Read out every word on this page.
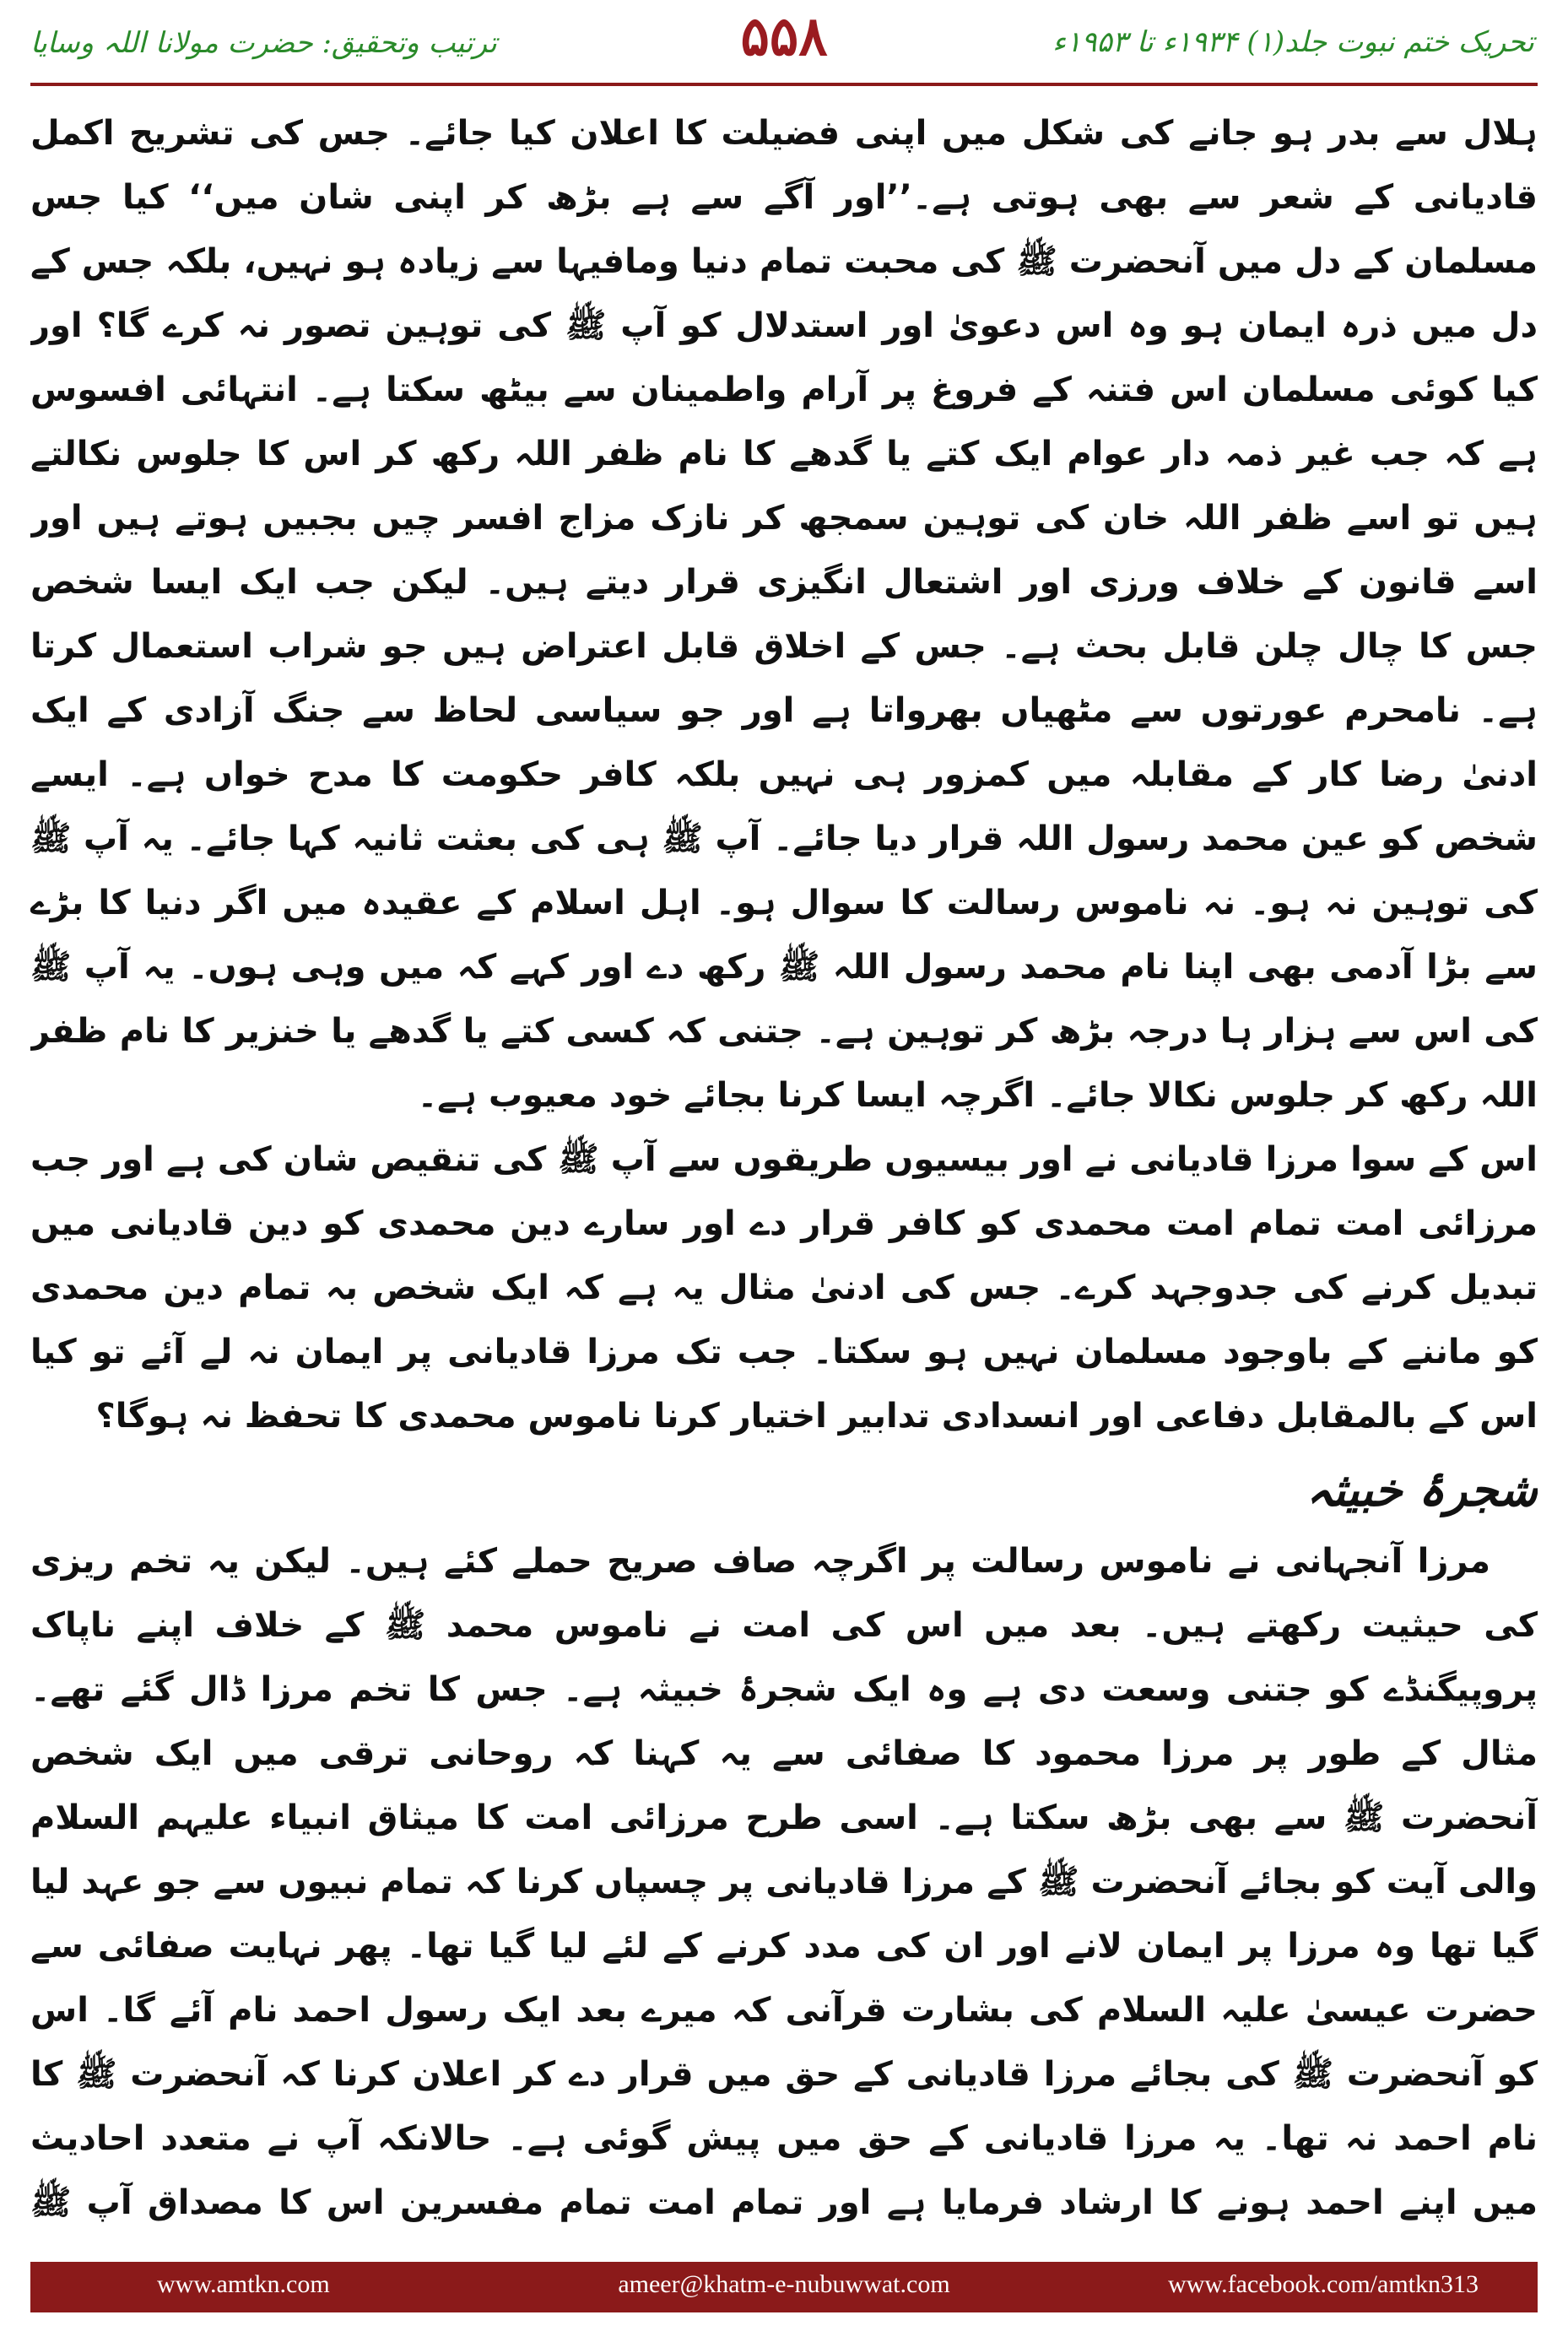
تحریک ختم نبوت جلد(۱) ۱۹۳۴ء تا ۱۹۵۳ء
۵۵۸
ترتیب وتحقیق: حضرت مولانا اللہ وسایا

ہلال سے بدر ہو جانے کی شکل میں اپنی فضیلت کا اعلان کیا جائے۔ جس کی تشریح اکمل قادیانی کے شعر سے بھی ہوتی ہے۔’’اور آگے سے ہے بڑھ کر اپنی شان میں‘‘ کیا جس مسلمان کے دل میں آنحضرت ﷺ کی محبت تمام دنیا ومافیہا سے زیادہ ہو نہیں، بلکہ جس کے دل میں ذرہ ایمان ہو وہ اس دعویٰ اور استدلال کو آپ ﷺ کی توہین تصور نہ کرے گا؟ اور کیا کوئی مسلمان اس فتنہ کے فروغ پر آرام واطمینان سے بیٹھ سکتا ہے۔ انتہائی افسوس ہے کہ جب غیر ذمہ دار عوام ایک کتے یا گدھے کا نام ظفر اللہ رکھ کر اس کا جلوس نکالتے ہیں تو اسے ظفر اللہ خان کی توہین سمجھ کر نازک مزاج افسر چیں بجبیں ہوتے ہیں اور اسے قانون کے خلاف ورزی اور اشتعال انگیزی قرار دیتے ہیں۔ لیکن جب ایک ایسا شخص جس کا چال چلن قابل بحث ہے۔ جس کے اخلاق قابل اعتراض ہیں جو شراب استعمال کرتا ہے۔ نامحرم عورتوں سے مٹھیاں بھرواتا ہے اور جو سیاسی لحاظ سے جنگ آزادی کے ایک ادنیٰ رضا کار کے مقابلہ میں کمزور ہی نہیں بلکہ کافر حکومت کا مدح خواں ہے۔ ایسے شخص کو عین محمد رسول اللہ قرار دیا جائے۔ آپ ﷺ ہی کی بعثت ثانیہ کہا جائے۔ یہ آپ ﷺ کی توہین نہ ہو۔ نہ ناموس رسالت کا سوال ہو۔ اہل اسلام کے عقیدہ میں اگر دنیا کا بڑے سے بڑا آدمی بھی اپنا نام محمد رسول اللہ ﷺ رکھ دے اور کہے کہ میں وہی ہوں۔ یہ آپ ﷺ کی اس سے ہزار ہا درجہ بڑھ کر توہین ہے۔ جتنی کہ کسی کتے یا گدھے یا خنزیر کا نام ظفر اللہ رکھ کر جلوس نکالا جائے۔ اگرچہ ایسا کرنا بجائے خود معیوب ہے۔

اس کے سوا مرزا قادیانی نے اور بیسیوں طریقوں سے آپ ﷺ کی تنقیص شان کی ہے اور جب مرزائی امت تمام امت محمدی کو کافر قرار دے اور سارے دین محمدی کو دین قادیانی میں تبدیل کرنے کی جدوجہد کرے۔ جس کی ادنیٰ مثال یہ ہے کہ ایک شخص بہ تمام دین محمدی کو ماننے کے باوجود مسلمان نہیں ہو سکتا۔ جب تک مرزا قادیانی پر ایمان نہ لے آئے تو کیا اس کے بالمقابل دفاعی اور انسدادی تدابیر اختیار کرنا ناموس محمدی کا تحفظ نہ ہوگا؟

شجرۂ خبیثہ

مرزا آنجہانی نے ناموس رسالت پر اگرچہ صاف صریح حملے کئے ہیں۔ لیکن یہ تخم ریزی کی حیثیت رکھتے ہیں۔ بعد میں اس کی امت نے ناموس محمد ﷺ کے خلاف اپنے ناپاک پروپیگنڈے کو جتنی وسعت دی ہے وہ ایک شجرۂ خبیثہ ہے۔ جس کا تخم مرزا ڈال گئے تھے۔ مثال کے طور پر مرزا محمود کا صفائی سے یہ کہنا کہ روحانی ترقی میں ایک شخص آنحضرت ﷺ سے بھی بڑھ سکتا ہے۔ اسی طرح مرزائی امت کا میثاق انبیاء علیہم السلام والی آیت کو بجائے آنحضرت ﷺ کے مرزا قادیانی پر چسپاں کرنا کہ تمام نبیوں سے جو عہد لیا گیا تھا وہ مرزا پر ایمان لانے اور ان کی مدد کرنے کے لئے لیا گیا تھا۔ پھر نہایت صفائی سے حضرت عیسیٰ علیہ السلام کی بشارت قرآنی کہ میرے بعد ایک رسول احمد نام آئے گا۔ اس کو آنحضرت ﷺ کی بجائے مرزا قادیانی کے حق میں قرار دے کر اعلان کرنا کہ آنحضرت ﷺ کا نام احمد نہ تھا۔ یہ مرزا قادیانی کے حق میں پیش گوئی ہے۔ حالانکہ آپ نے متعدد احادیث میں اپنے احمد ہونے کا ارشاد فرمایا ہے اور تمام امت تمام مفسرین اس کا مصداق آپ ﷺ

www.amtkn.com	ameer@khatm-e-nubuwwat.com	www.facebook.com/amtkn313
